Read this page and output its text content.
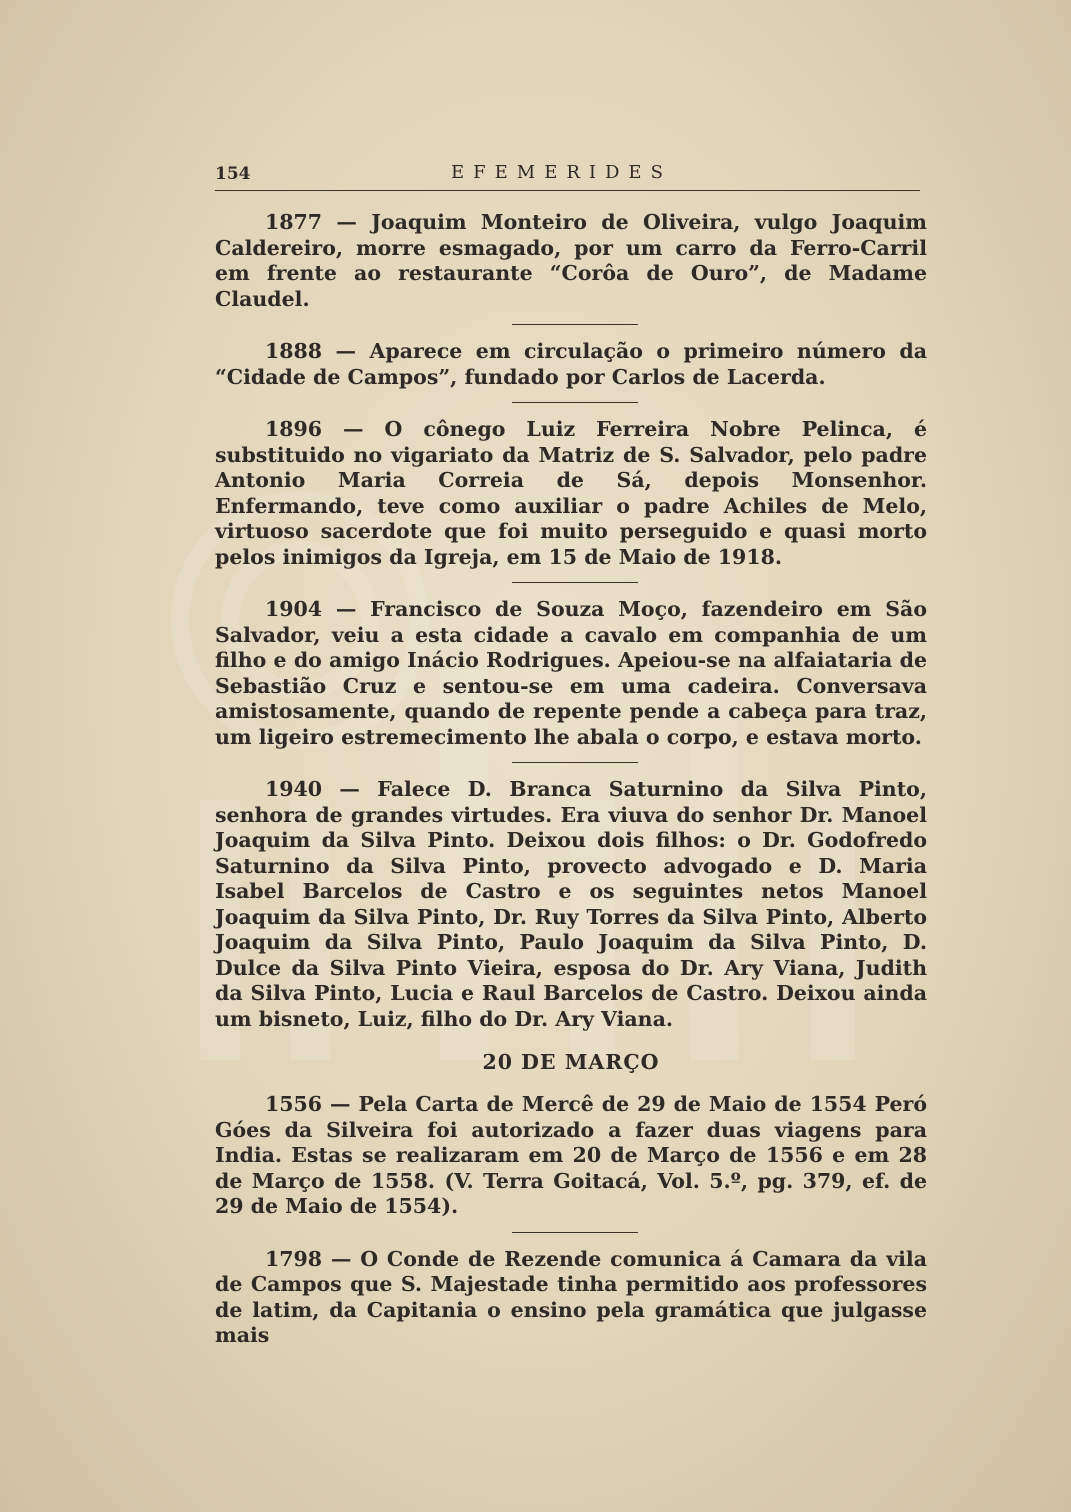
154	EFEMERIDES

1877 — Joaquim Monteiro de Oliveira, vulgo Joaquim Caldereiro, morre esmagado, por um carro da Ferro-Carril em frente ao restaurante “Corôa de Ouro”, de Madame Claudel.

1888 — Aparece em circulação o primeiro número da “Cidade de Campos”, fundado por Carlos de Lacerda.

1896 — O cônego Luiz Ferreira Nobre Pelinca, é substituido no vigariato da Matriz de S. Salvador, pelo padre Antonio Maria Correia de Sá, depois Monsenhor. Enfermando, teve como auxiliar o padre Achiles de Melo, virtuoso sacerdote que foi muito perseguido e quasi morto pelos inimigos da Igreja, em 15 de Maio de 1918.

1904 — Francisco de Souza Moço, fazendeiro em São Salvador, veiu a esta cidade a cavalo em companhia de um filho e do amigo Inácio Rodrigues. Apeiou-se na alfaiataria de Sebastião Cruz e sentou-se em uma cadeira. Conversava amistosamente, quando de repente pende a cabeça para traz, um ligeiro estremecimento lhe abala o corpo, e estava morto.

1940 — Falece D. Branca Saturnino da Silva Pinto, senhora de grandes virtudes. Era viuva do senhor Dr. Manoel Joaquim da Silva Pinto. Deixou dois filhos: o Dr. Godofredo Saturnino da Silva Pinto, provecto advogado e D. Maria Isabel Barcelos de Castro e os seguintes netos Manoel Joaquim da Silva Pinto, Dr. Ruy Torres da Silva Pinto, Alberto Joaquim da Silva Pinto, Paulo Joaquim da Silva Pinto, D. Dulce da Silva Pinto Vieira, esposa do Dr. Ary Viana, Judith da Silva Pinto, Lucia e Raul Barcelos de Castro. Deixou ainda um bisneto, Luiz, filho do Dr. Ary Viana.

20 DE MARÇO

1556 — Pela Carta de Mercê de 29 de Maio de 1554 Peró Góes da Silveira foi autorizado a fazer duas viagens para India. Estas se realizaram em 20 de Março de 1556 e em 28 de Março de 1558. (V. Terra Goitacá, Vol. 5.º, pg. 379, ef. de 29 de Maio de 1554).

1798 — O Conde de Rezende comunica á Camara da vila de Campos que S. Majestade tinha permitido aos professores de latim, da Capitania o ensino pela gramática que julgasse mais
